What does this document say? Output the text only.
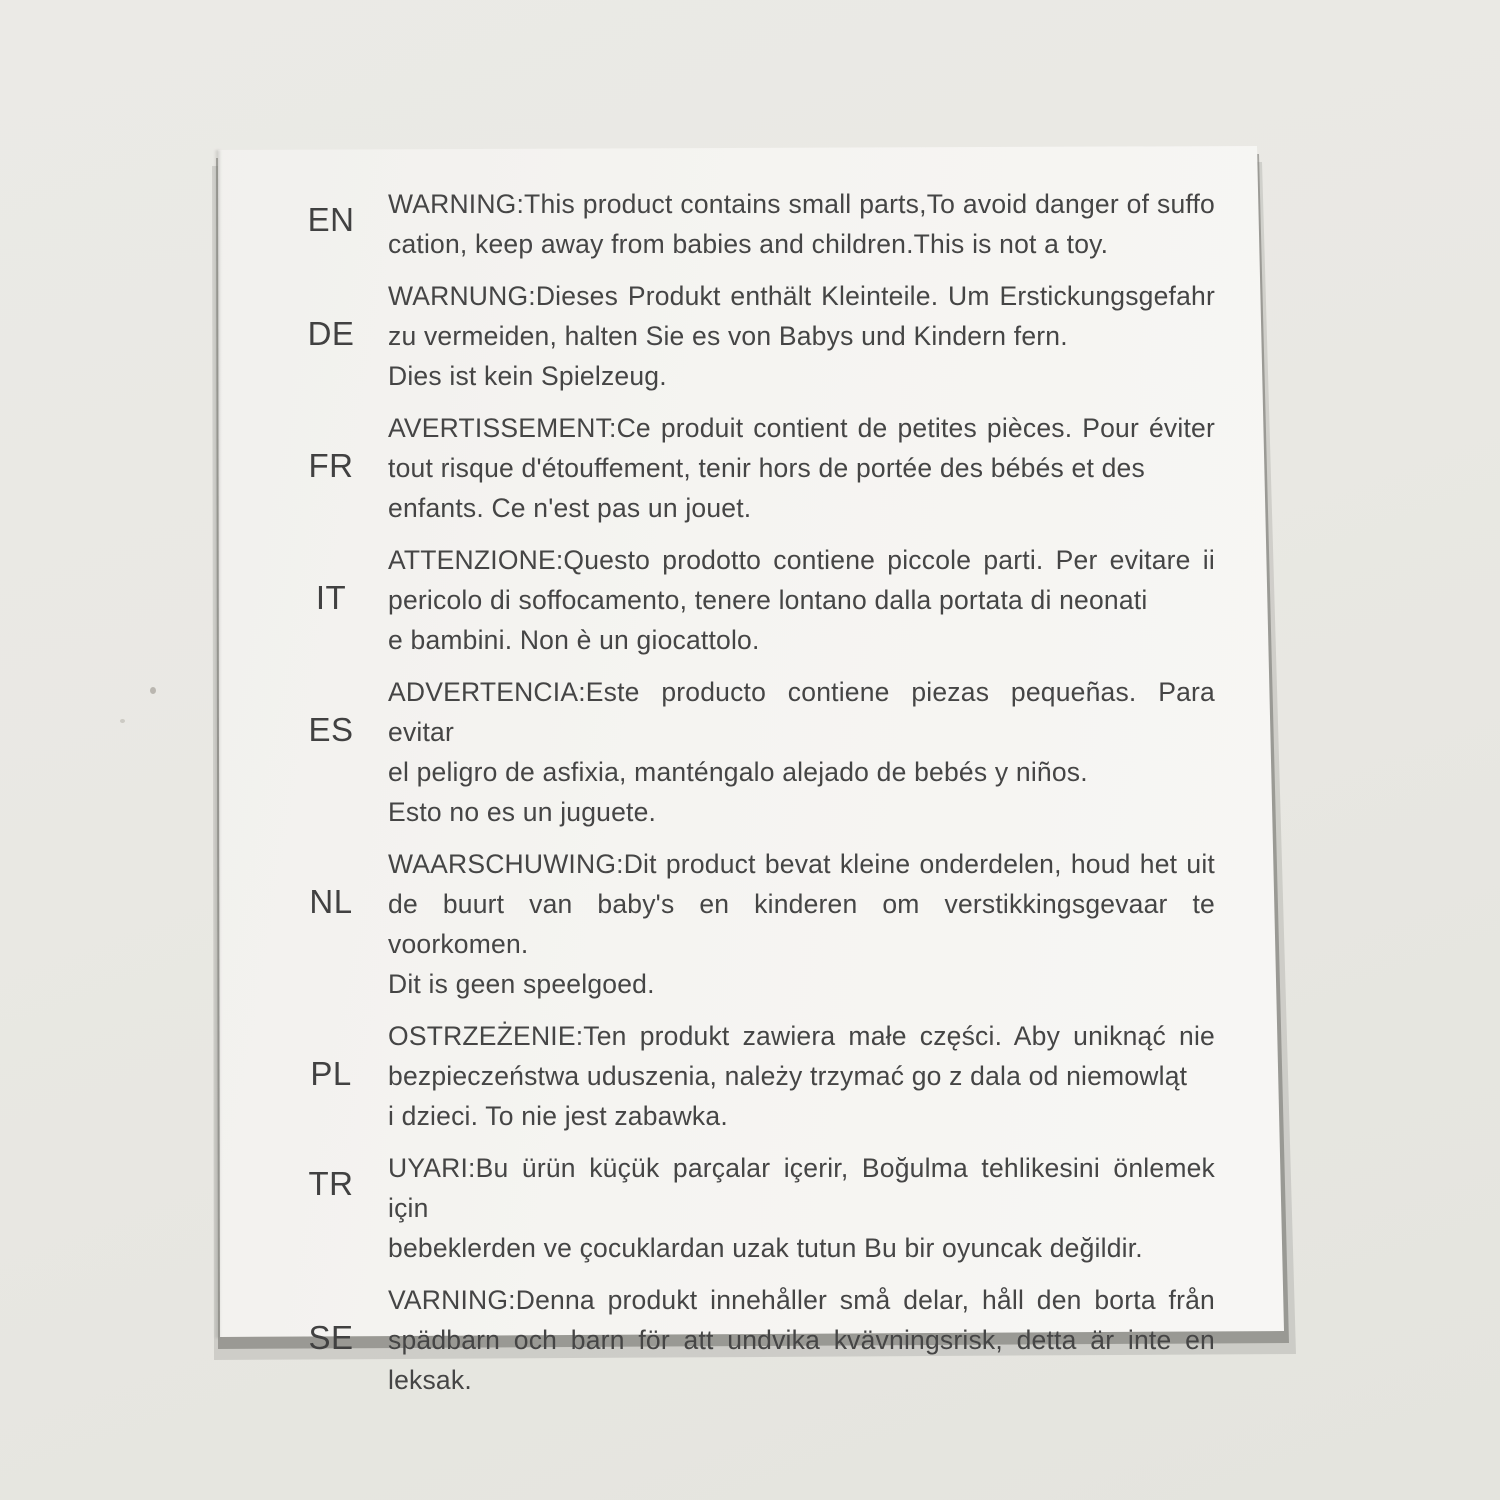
EN	WARNING:This product contains small parts,To avoid danger of suffo
cation, keep away from babies and children.This is not a toy.
DE
WARNUNG:Dieses Produkt enthält Kleinteile. Um Erstickungsgefahr
zu vermeiden, halten Sie es von Babys und Kindern fern.
Dies ist kein Spielzeug.
FR
AVERTISSEMENT:Ce produit contient de petites pièces. Pour éviter
tout risque d'étouffement, tenir hors de portée des bébés et des
enfants. Ce n'est pas un jouet.
IT
ATTENZIONE:Questo prodotto contiene piccole parti. Per evitare ii
pericolo di soffocamento, tenere lontano dalla portata di neonati
e bambini. Non è un giocattolo.
ES
ADVERTENCIA:Este producto contiene piezas pequeñas. Para evitar
el peligro de asfixia, manténgalo alejado de bebés y niños.
Esto no es un juguete.
NL
WAARSCHUWING:Dit product bevat kleine onderdelen, houd het uit
de buurt van baby's en kinderen om verstikkingsgevaar te voorkomen.
Dit is geen speelgoed.
PL
OSTRZEŻENIE:Ten produkt zawiera małe części. Aby uniknąć nie
bezpieczeństwa uduszenia, należy trzymać go z dala od niemowląt
i dzieci. To nie jest zabawka.
TR	UYARI:Bu ürün küçük parçalar içerir, Boğulma tehlikesini önlemek için
bebeklerden ve çocuklardan uzak tutun Bu bir oyuncak değildir.
SE
VARNING:Denna produkt innehåller små delar, håll den borta från
spädbarn och barn för att undvika kvävningsrisk, detta är inte en
leksak.
